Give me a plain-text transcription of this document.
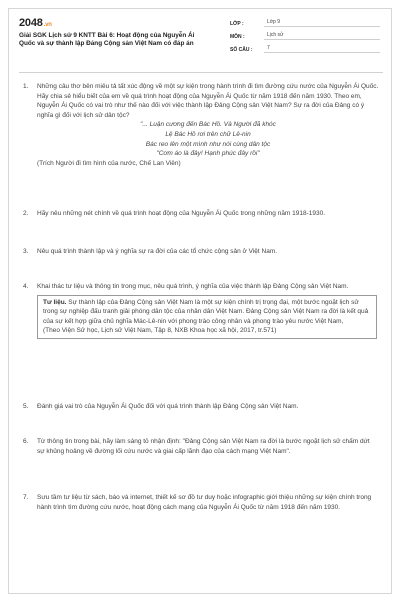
2048.vn
Giải SGK Lịch sử 9 KNTT Bài 6: Hoạt động của Nguyễn Ái
Quốc và sự thành lập Đảng Cộng sản Việt Nam có đáp án
LỚP :	Lớp 9
MÔN :	Lịch sử
SỐ CÂU :	7
1. Những câu thơ bên miêu tả tất xúc động về một sự kiện trong hành trình đi tìm đường cứu nước của Nguyễn Ái Quốc. Hãy chia sẻ hiểu biết của em về quá trình hoạt động của Nguyễn Ái Quốc từ năm 1918 đến năm 1930. Theo em, Nguyễn Ái Quốc có vai trò như thế nào đối với việc thành lập Đảng Cộng sản Việt Nam? Sự ra đời của Đảng có ý nghĩa gì đối với lịch sử dân tộc?
"... Luận cương đến Bác Hồ. Và Người đã khóc
Lệ Bác Hồ rơi trên chữ Lê-nin
Bác reo lên một mình như nói cùng dân tộc
"Cơm áo là đây! Hạnh phúc đây rồi"
(Trích Người đi tìm hình của nước, Chế Lan Viên)
2. Hãy nêu những nét chính về quá trình hoạt động của Nguyễn Ái Quốc trong những năm 1918-1930.
3. Nêu quá trình thành lập và ý nghĩa sự ra đời của các tổ chức cộng sản ở Việt Nam.
4. Khai thác tư liệu và thông tin trong mục, nêu quá trình, ý nghĩa của việc thành lập Đảng Cộng sản Việt Nam.
Tư liệu. Sự thành lập của Đảng Cộng sản Việt Nam là một sự kiện chính trị trọng đại, một bước ngoặt lịch sử trong sự nghiệp đấu tranh giải phóng dân tộc của nhân dân Việt Nam. Đảng Cộng sản Việt Nam ra đời là kết quả của sự kết hợp giữa chủ nghĩa Mác-Lê-nin với phong trào công nhân và phong trào yêu nước Việt Nam,
(Theo Viện Sử học, Lịch sử Việt Nam, Tập 8, NXB Khoa học xã hội, 2017, tr.571)
5. Đánh giá vai trò của Nguyễn Ái Quốc đối với quá trình thành lập Đảng Cộng sản Việt Nam.
6. Từ thông tin trong bài, hãy làm sáng tỏ nhận định: "Đảng Cộng sản Việt Nam ra đời là bước ngoặt lịch sử chấm dứt sự khủng hoảng về đường lối cứu nước và giai cấp lãnh đạo của cách mạng Việt Nam".
7. Sưu tầm tư liệu từ sách, báo và internet, thiết kế sơ đồ tư duy hoặc infographic giới thiệu những sự kiện chính trong hành trình tìm đường cứu nước, hoạt động cách mạng của Nguyễn Ái Quốc từ năm 1918 đến năm 1930.
